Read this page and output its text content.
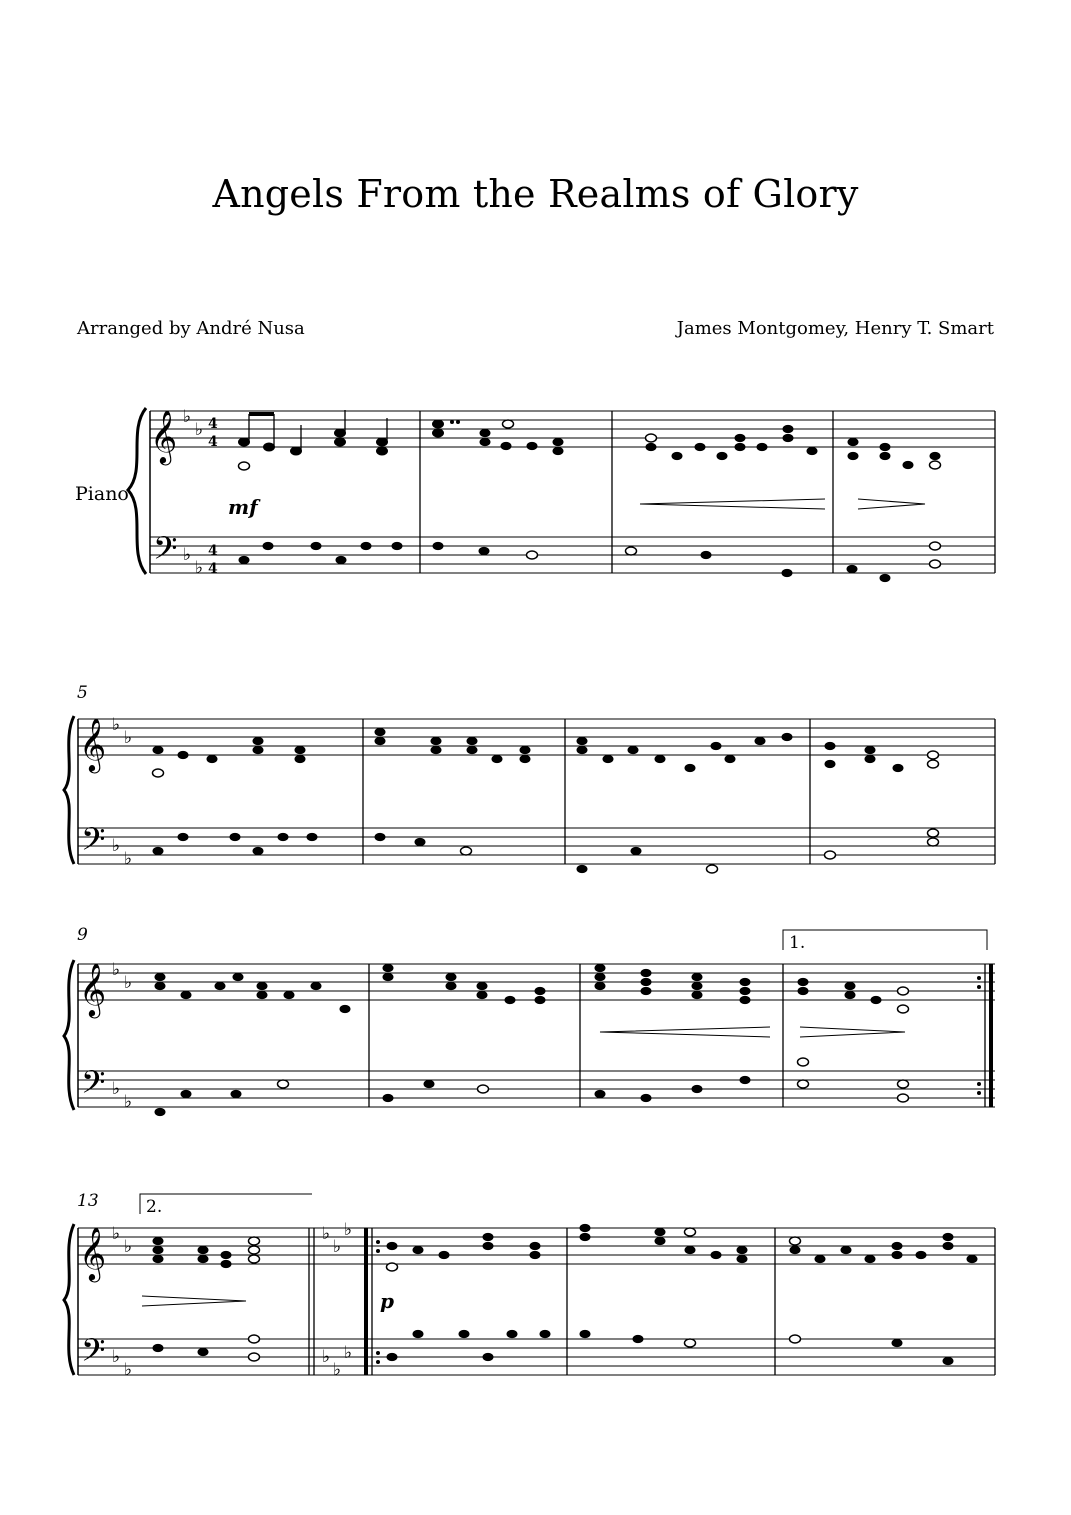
Angels From the Realms of Glory
Arranged by André Nusa	James Montgomey, Henry T. Smart
Piano
𝄞
𝄢
♭
♭
♭
♭
4
4
4
4
mf
5
𝄞
𝄢
♭
♭
♭
♭
9	1.
𝄞
𝄢
♭
♭
♭
♭
13	2.
𝄞
𝄢
♭
♭
♭
♭
♭
♭
♭
♭
♭
♭
p
